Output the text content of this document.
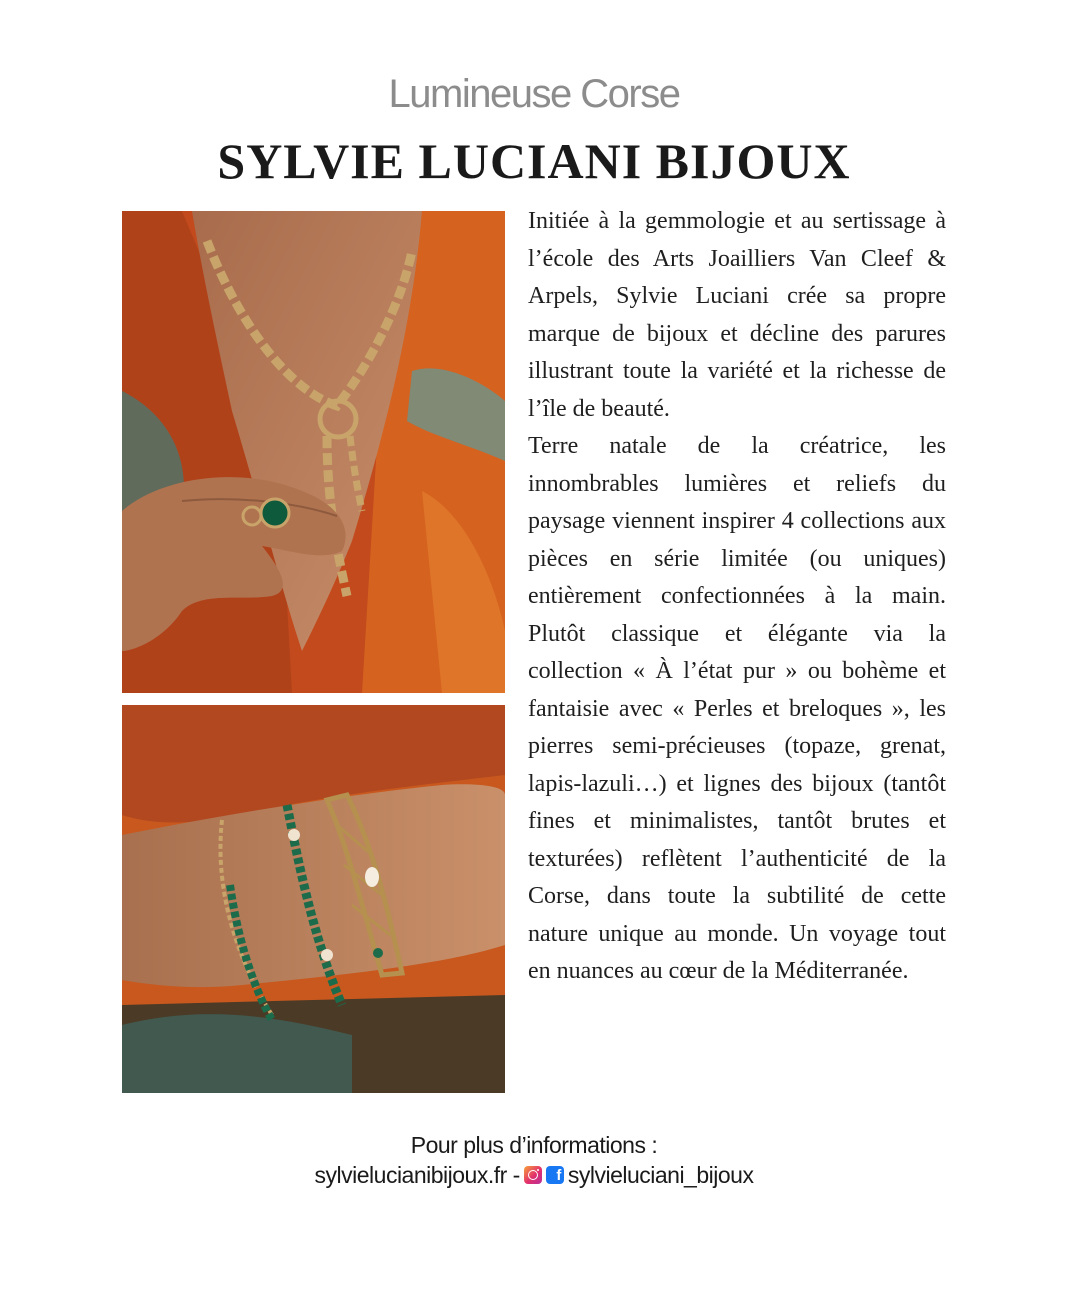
Lumineuse Corse
SYLVIE LUCIANI BIJOUX

Initiée à la gemmologie et au sertissage à l’école des Arts Joailliers Van Cleef & Arpels, Sylvie Luciani crée sa propre marque de bijoux et décline des parures illustrant toute la variété et la richesse de l’île de beauté.

Terre natale de la créatrice, les innombrables lumières et reliefs du paysage viennent inspirer 4 collections aux pièces en série limitée (ou uniques) entièrement confectionnées à la main. Plutôt classique et élégante via la collection « À l’état pur » ou bohème et fantaisie avec « Perles et breloques », les pierres semi-précieuses (topaze, grenat, lapis-lazuli…) et lignes des bijoux (tantôt fines et minimalistes, tantôt brutes et texturées) reflètent l’authenticité de la Corse, dans toute la subtilité de cette nature unique au monde. Un voyage tout en nuances au cœur de la Méditerranée.

Pour plus d’informations :
sylvielucianibijoux.fr -	f sylvieluciani_bijoux
